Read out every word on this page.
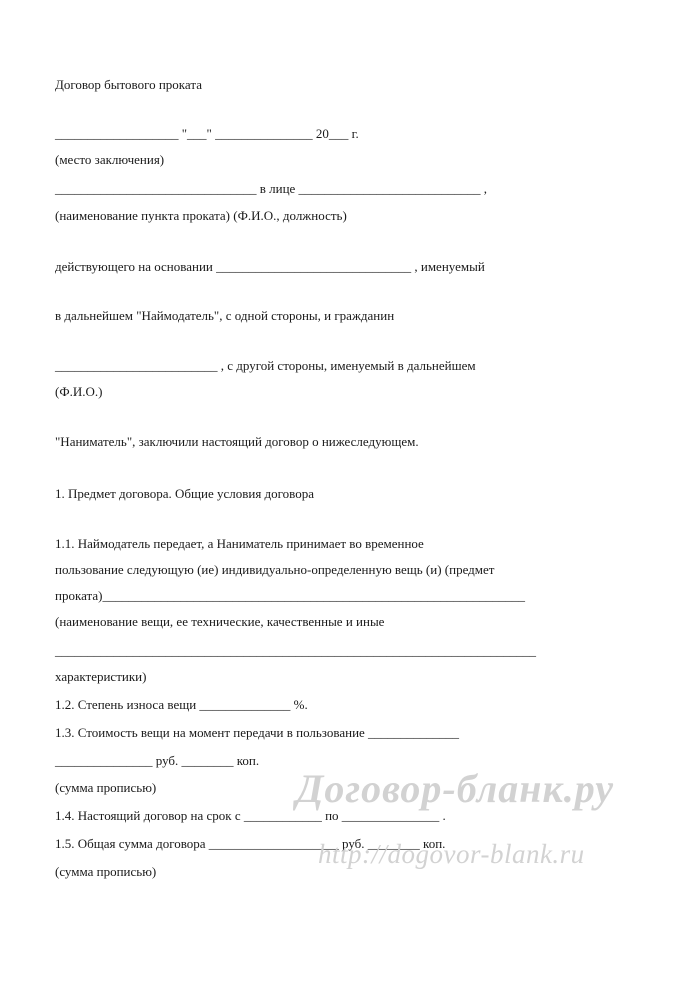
Договор бытового проката
___________________ "___" _______________ 20___ г.
(место заключения)
_______________________________ в лице ____________________________ ,
(наименование пункта проката) (Ф.И.О., должность)
действующего на основании ______________________________ , именуемый
в дальнейшем "Наймодатель", с одной стороны, и гражданин
_________________________ , с другой стороны, именуемый в дальнейшем
(Ф.И.О.)
"Наниматель", заключили настоящий договор о нижеследующем.
1. Предмет договора. Общие условия договора
1.1. Наймодатель передает, а Наниматель принимает во временное
пользование следующую (ие) индивидуально-определенную вещь (и) (предмет
проката)_________________________________________________________________
(наименование вещи, ее технические, качественные и иные
__________________________________________________________________________
характеристики)
1.2. Степень износа вещи ______________ %.
1.3. Стоимость вещи на момент передачи в пользование ______________
_______________ руб. ________ коп.
(сумма прописью)
1.4. Настоящий договор на срок с ____________ по _______________ .
1.5. Общая сумма договора ____________________ руб. ________ коп.
(сумма прописью)
Договор-бланк.ру
http://dogovor-blank.ru
